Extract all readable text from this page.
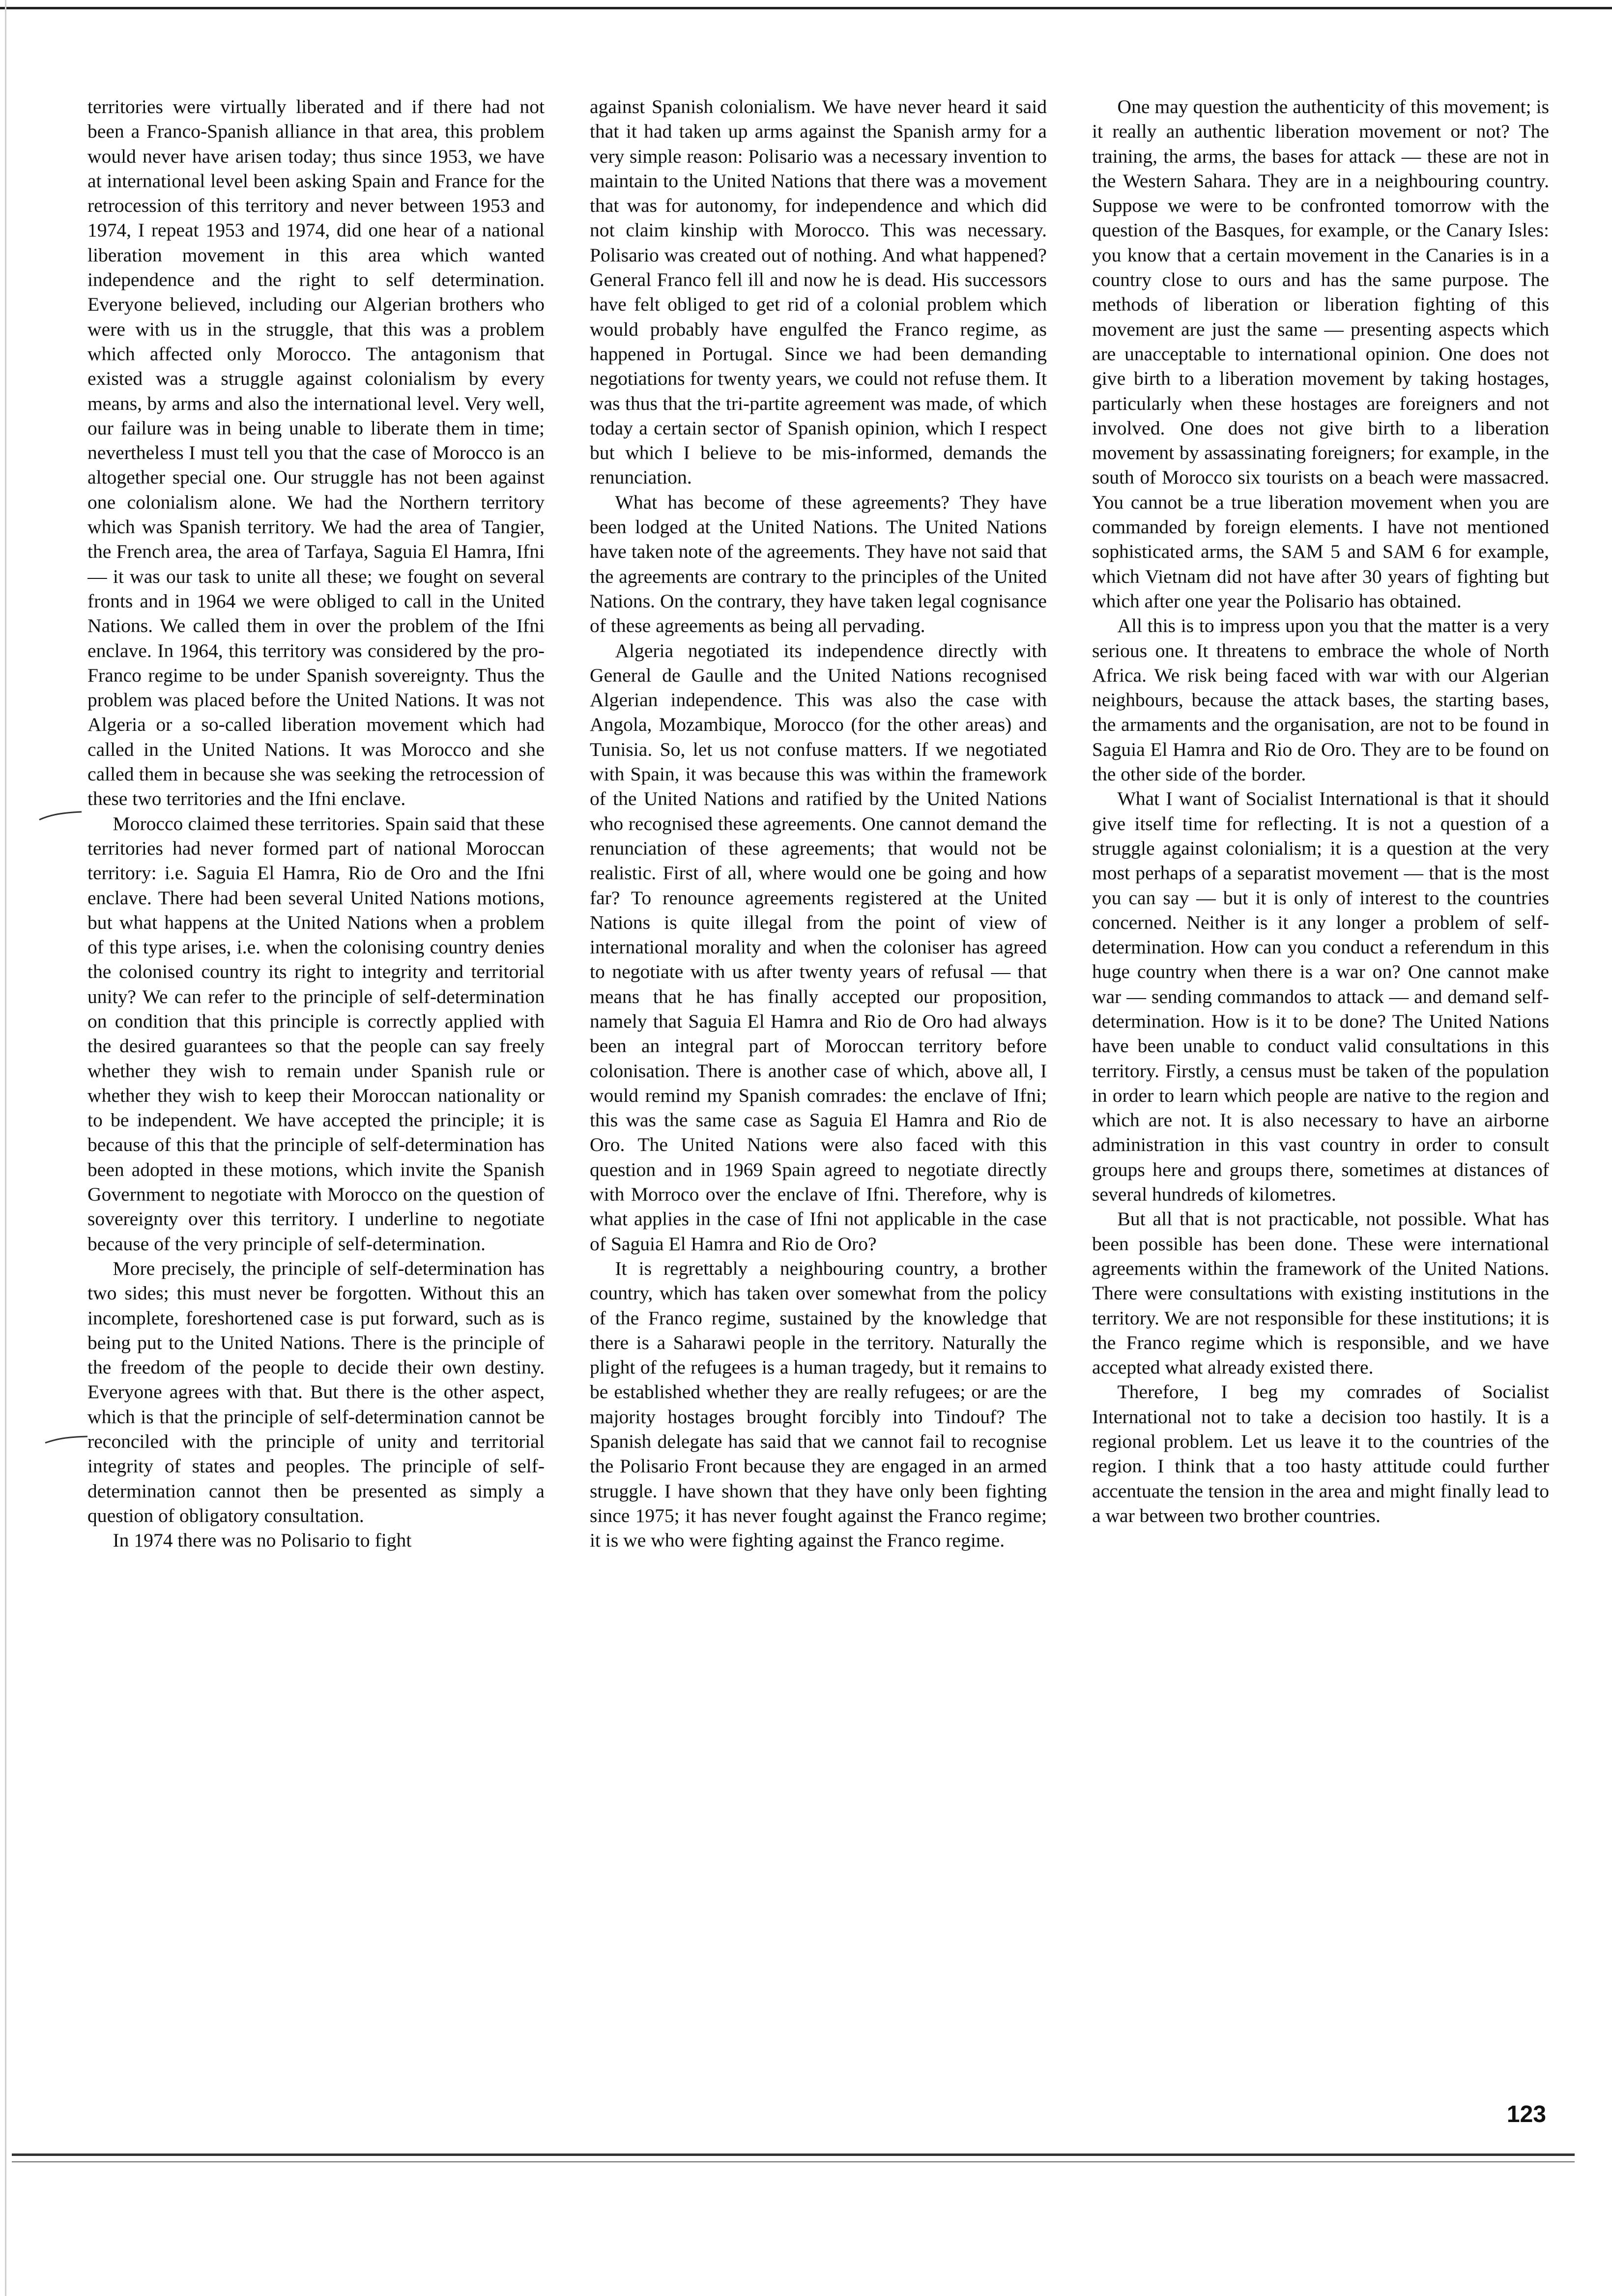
territories were virtually liberated and if there had not been a Franco-Spanish alliance in that area, this problem would never have arisen today; thus since 1953, we have at international level been asking Spain and France for the retrocession of this territory and never between 1953 and 1974, I repeat 1953 and 1974, did one hear of a national liberation movement in this area which wanted independence and the right to self determination. Everyone believed, including our Algerian brothers who were with us in the struggle, that this was a problem which affected only Morocco. The antagonism that existed was a struggle against colonialism by every means, by arms and also the international level. Very well, our failure was in being unable to liberate them in time; nevertheless I must tell you that the case of Morocco is an altogether special one. Our struggle has not been against one colonialism alone. We had the Northern territory which was Spanish territory. We had the area of Tangier, the French area, the area of Tarfaya, Saguia El Hamra, Ifni — it was our task to unite all these; we fought on several fronts and in 1964 we were obliged to call in the United Nations. We called them in over the problem of the Ifni enclave. In 1964, this territory was considered by the pro-Franco regime to be under Spanish sovereignty. Thus the problem was placed before the United Nations. It was not Algeria or a so-called liberation movement which had called in the United Nations. It was Morocco and she called them in because she was seeking the retrocession of these two territories and the Ifni enclave.

Morocco claimed these territories. Spain said that these territories had never formed part of national Moroccan territory: i.e. Saguia El Hamra, Rio de Oro and the Ifni enclave. There had been several United Nations motions, but what happens at the United Nations when a problem of this type arises, i.e. when the colonising country denies the colonised country its right to integrity and territorial unity? We can refer to the principle of self-determination on condition that this principle is correctly applied with the desired guarantees so that the people can say freely whether they wish to remain under Spanish rule or whether they wish to keep their Moroccan nationality or to be independent. We have accepted the principle; it is because of this that the principle of self-determination has been adopted in these motions, which invite the Spanish Government to negotiate with Morocco on the question of sovereignty over this territory. I underline to negotiate because of the very principle of self-determination.

More precisely, the principle of self-determination has two sides; this must never be forgotten. Without this an incomplete, foreshortened case is put forward, such as is being put to the United Nations. There is the principle of the freedom of the people to decide their own destiny. Everyone agrees with that. But there is the other aspect, which is that the principle of self-determination cannot be reconciled with the principle of unity and territorial integrity of states and peoples. The principle of self-determination cannot then be presented as simply a question of obligatory consultation.

In 1974 there was no Polisario to fight

against Spanish colonialism. We have never heard it said that it had taken up arms against the Spanish army for a very simple reason: Polisario was a necessary invention to maintain to the United Nations that there was a movement that was for autonomy, for independence and which did not claim kinship with Morocco. This was necessary. Polisario was created out of nothing. And what happened? General Franco fell ill and now he is dead. His successors have felt obliged to get rid of a colonial problem which would probably have engulfed the Franco regime, as happened in Portugal. Since we had been demanding negotiations for twenty years, we could not refuse them. It was thus that the tri-partite agreement was made, of which today a certain sector of Spanish opinion, which I respect but which I believe to be mis-informed, demands the renunciation.

What has become of these agreements? They have been lodged at the United Nations. The United Nations have taken note of the agreements. They have not said that the agreements are contrary to the principles of the United Nations. On the contrary, they have taken legal cognisance of these agreements as being all pervading.

Algeria negotiated its independence directly with General de Gaulle and the United Nations recognised Algerian independence. This was also the case with Angola, Mozambique, Morocco (for the other areas) and Tunisia. So, let us not confuse matters. If we negotiated with Spain, it was because this was within the framework of the United Nations and ratified by the United Nations who recognised these agreements. One cannot demand the renunciation of these agreements; that would not be realistic. First of all, where would one be going and how far? To renounce agreements registered at the United Nations is quite illegal from the point of view of international morality and when the coloniser has agreed to negotiate with us after twenty years of refusal — that means that he has finally accepted our proposition, namely that Saguia El Hamra and Rio de Oro had always been an integral part of Moroccan territory before colonisation. There is another case of which, above all, I would remind my Spanish comrades: the enclave of Ifni; this was the same case as Saguia El Hamra and Rio de Oro. The United Nations were also faced with this question and in 1969 Spain agreed to negotiate directly with Morroco over the enclave of Ifni. Therefore, why is what applies in the case of Ifni not applicable in the case of Saguia El Hamra and Rio de Oro?

It is regrettably a neighbouring country, a brother country, which has taken over somewhat from the policy of the Franco regime, sustained by the knowledge that there is a Saharawi people in the territory. Naturally the plight of the refugees is a human tragedy, but it remains to be established whether they are really refugees; or are the majority hostages brought forcibly into Tindouf? The Spanish delegate has said that we cannot fail to recognise the Polisario Front because they are engaged in an armed struggle. I have shown that they have only been fighting since 1975; it has never fought against the Franco regime; it is we who were fighting against the Franco regime.

One may question the authenticity of this movement; is it really an authentic liberation movement or not? The training, the arms, the bases for attack — these are not in the Western Sahara. They are in a neighbouring country. Suppose we were to be confronted tomorrow with the question of the Basques, for example, or the Canary Isles: you know that a certain movement in the Canaries is in a country close to ours and has the same purpose. The methods of liberation or liberation fighting of this movement are just the same — presenting aspects which are unacceptable to international opinion. One does not give birth to a liberation movement by taking hostages, particularly when these hostages are foreigners and not involved. One does not give birth to a liberation movement by assassinating foreigners; for example, in the south of Morocco six tourists on a beach were massacred. You cannot be a true liberation movement when you are commanded by foreign elements. I have not mentioned sophisticated arms, the SAM 5 and SAM 6 for example, which Vietnam did not have after 30 years of fighting but which after one year the Polisario has obtained.

All this is to impress upon you that the matter is a very serious one. It threatens to embrace the whole of North Africa. We risk being faced with war with our Algerian neighbours, because the attack bases, the starting bases, the armaments and the organisation, are not to be found in Saguia El Hamra and Rio de Oro. They are to be found on the other side of the border.

What I want of Socialist International is that it should give itself time for reflecting. It is not a question of a struggle against colonialism; it is a question at the very most perhaps of a separatist movement — that is the most you can say — but it is only of interest to the countries concerned. Neither is it any longer a problem of self-determination. How can you conduct a referendum in this huge country when there is a war on? One cannot make war — sending commandos to attack — and demand self-determination. How is it to be done? The United Nations have been unable to conduct valid consultations in this territory. Firstly, a census must be taken of the population in order to learn which people are native to the region and which are not. It is also necessary to have an airborne administration in this vast country in order to consult groups here and groups there, sometimes at distances of several hundreds of kilometres.

But all that is not practicable, not possible. What has been possible has been done. These were international agreements within the framework of the United Nations. There were consultations with existing institutions in the territory. We are not responsible for these institutions; it is the Franco regime which is responsible, and we have accepted what already existed there.

Therefore, I beg my comrades of Socialist International not to take a decision too hastily. It is a regional problem. Let us leave it to the countries of the region. I think that a too hasty attitude could further accentuate the tension in the area and might finally lead to a war between two brother countries.

123
